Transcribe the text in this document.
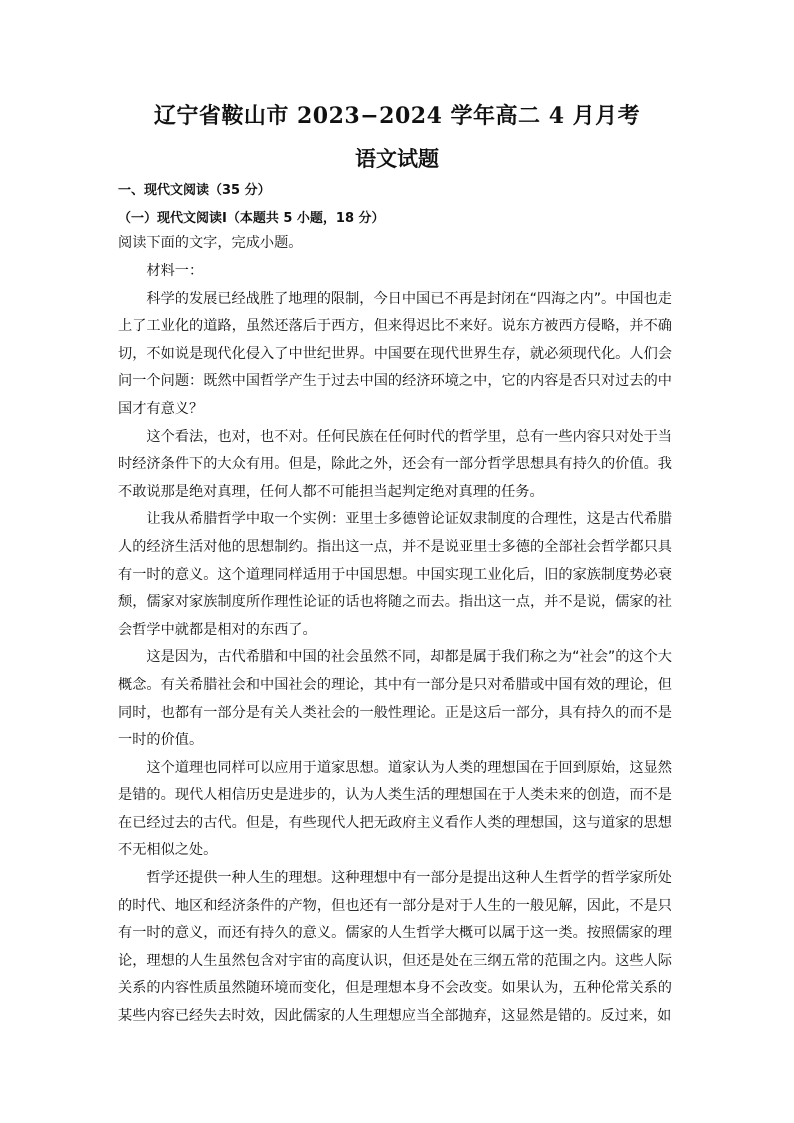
辽宁省鞍山市 2023−2024 学年高二 4 月月考
语文试题
一、现代文阅读（35 分）
（一）现代文阅读Ⅰ（本题共 5 小题，18 分）
阅读下面的文字，完成小题。

材料一：

科学的发展已经战胜了地理的限制，今日中国已不再是封闭在“四海之内”。中国也走上了工业化的道路，虽然还落后于西方，但来得迟比不来好。说东方被西方侵略，并不确切，不如说是现代化侵入了中世纪世界。中国要在现代世界生存，就必须现代化。人们会问一个问题：既然中国哲学产生于过去中国的经济环境之中，它的内容是否只对过去的中国才有意义？

这个看法，也对，也不对。任何民族在任何时代的哲学里，总有一些内容只对处于当时经济条件下的大众有用。但是，除此之外，还会有一部分哲学思想具有持久的价值。我不敢说那是绝对真理，任何人都不可能担当起判定绝对真理的任务。

让我从希腊哲学中取一个实例：亚里士多德曾论证奴隶制度的合理性，这是古代希腊人的经济生活对他的思想制约。指出这一点，并不是说亚里士多德的全部社会哲学都只具有一时的意义。这个道理同样适用于中国思想。中国实现工业化后，旧的家族制度势必衰颓，儒家对家族制度所作理性论证的话也将随之而去。指出这一点，并不是说，儒家的社会哲学中就都是相对的东西了。

这是因为，古代希腊和中国的社会虽然不同，却都是属于我们称之为“社会”的这个大概念。有关希腊社会和中国社会的理论，其中有一部分是只对希腊或中国有效的理论，但同时，也都有一部分是有关人类社会的一般性理论。正是这后一部分，具有持久的而不是一时的价值。

这个道理也同样可以应用于道家思想。道家认为人类的理想国在于回到原始，这显然是错的。现代人相信历史是进步的，认为人类生活的理想国在于人类未来的创造，而不是在已经过去的古代。但是，有些现代人把无政府主义看作人类的理想国，这与道家的思想不无相似之处。

哲学还提供一种人生的理想。这种理想中有一部分是提出这种人生哲学的哲学家所处的时代、地区和经济条件的产物，但也还有一部分是对于人生的一般见解，因此，不是只有一时的意义，而还有持久的意义。儒家的人生哲学大概可以属于这一类。按照儒家的理论，理想的人生虽然包含对宇宙的高度认识，但还是处在三纲五常的范围之内。这些人际关系的内容性质虽然随环境而变化，但是理想本身不会改变。如果认为，五种伦常关系的某些内容已经失去时效，因此儒家的人生理想应当全部抛弃，这显然是错的。反过来，如
